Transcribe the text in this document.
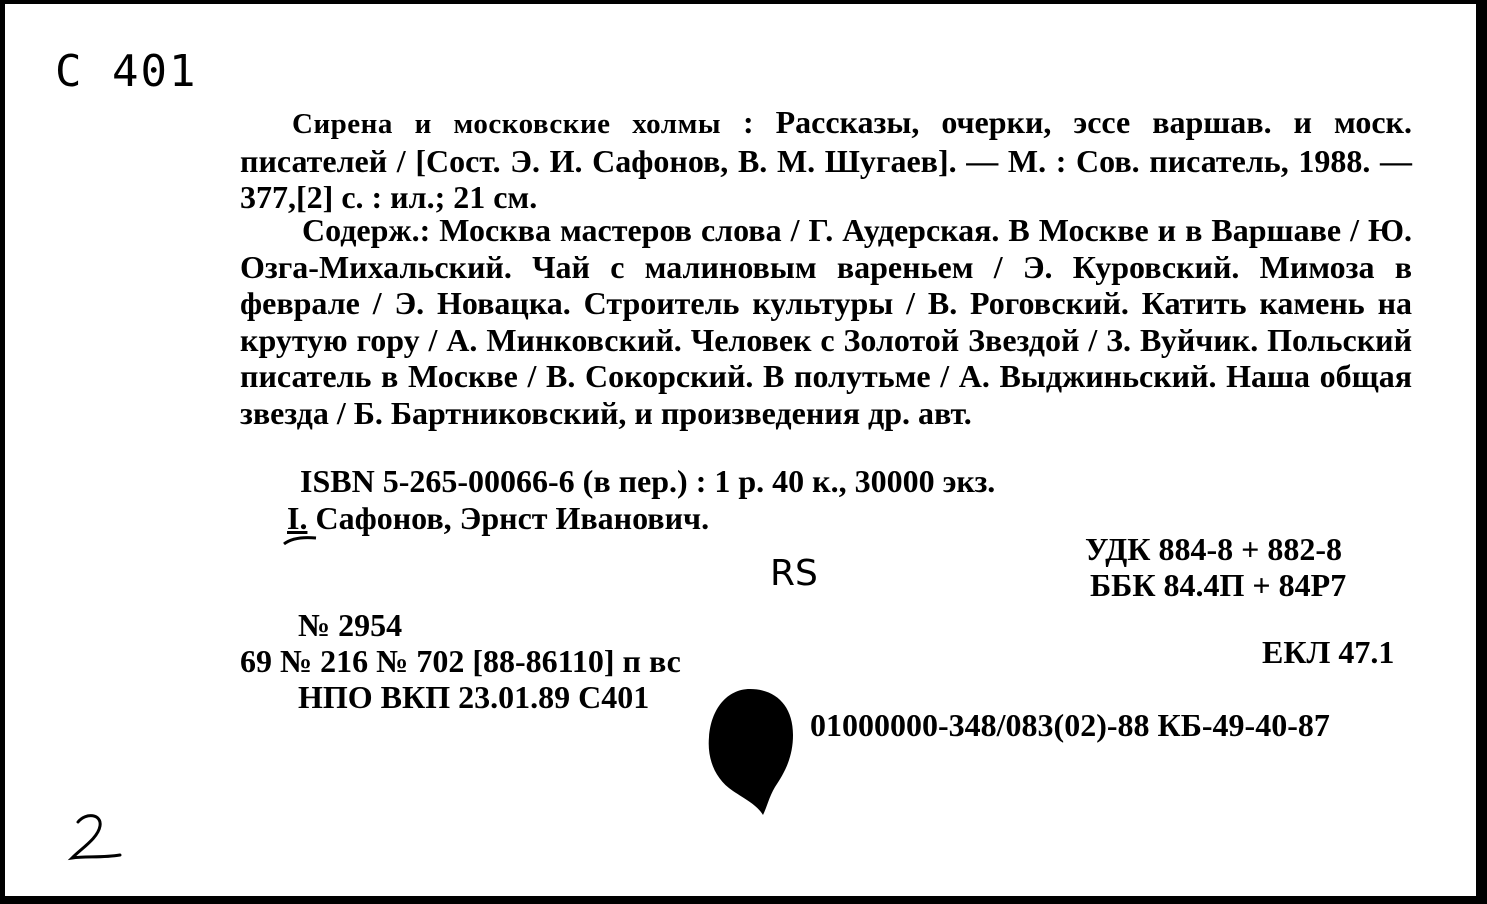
С 401
Сирена и московские холмы : Рассказы, очерки, эссе варшав. и моск. писателей / [Сост. Э. И. Сафонов, В. М. Шугаев]. — М. : Сов. писатель, 1988. — 377,[2] с. : ил.; 21 см.
Содерж.: Москва мастеров слова / Г. Аудерская. В Москве и в Варшаве / Ю. Озга-Михальский. Чай с малиновым вареньем / Э. Куровский. Мимоза в феврале / Э. Новацка. Строитель культуры / В. Роговский. Катить камень на крутую гору / А. Минковский. Человек с Золотой Звездой / З. Вуйчик. Польский писатель в Москве / В. Сокорский. В полутьме / А. Выджиньский. Наша общая звезда / Б. Бартниковский, и произведения др. авт.
ISBN 5-265-00066-6 (в пер.) : 1 р. 40 к., 30000 экз.
I. Сафонов, Эрнст Иванович.
RS
УДК 884-8 + 882-8
ББК 84.4П + 84Р7
№ 2954
69 № 216 № 702 [88-86110] п вс
НПО ВКП 23.01.89 С401
ЕКЛ 47.1
01000000-348/083(02)-88 КБ-49-40-87
